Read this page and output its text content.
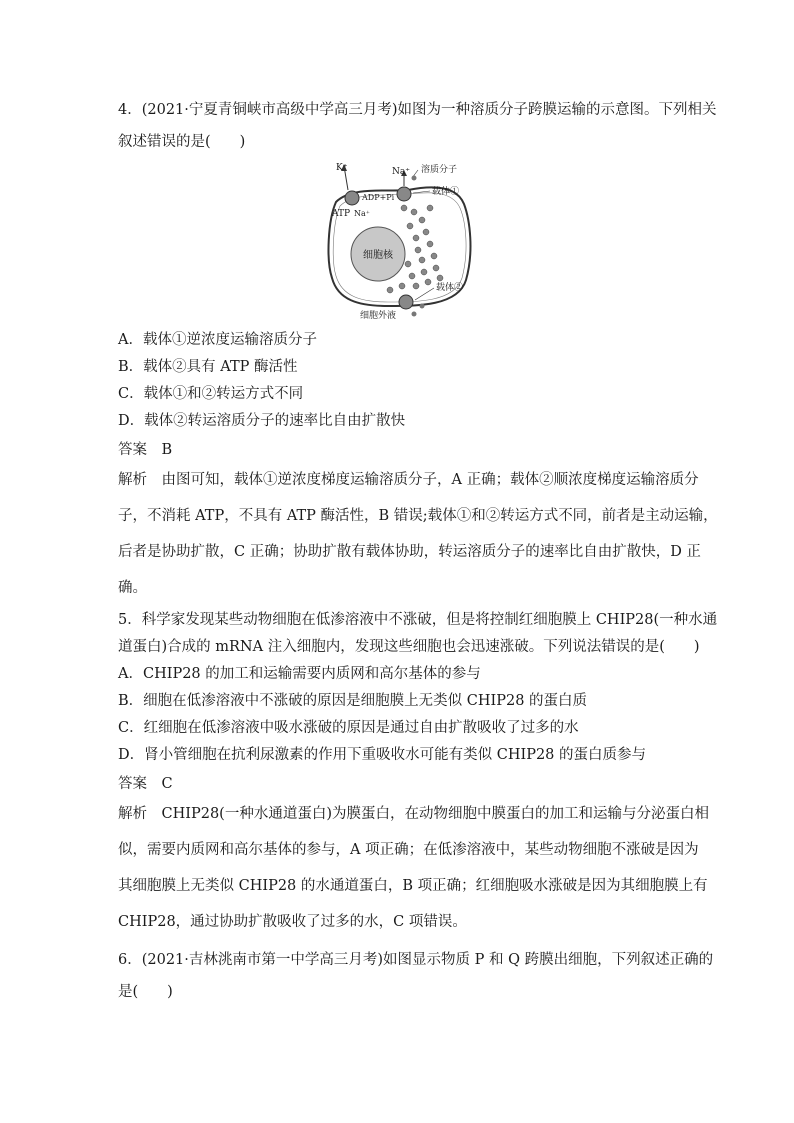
4．(2021·宁夏青铜峡市高级中学高三月考)如图为一种溶质分子跨膜运输的示意图。下列相关
叙述错误的是(　　)
细胞核
K⁺
Na⁺
ATP
ADP+Pi
Na⁺ 溶质分子
载体①
载体②
细胞外液
A．载体①逆浓度运输溶质分子
B．载体②具有 ATP 酶活性
C．载体①和②转运方式不同
D．载体②转运溶质分子的速率比自由扩散快
答案　B
解析　由图可知，载体①逆浓度梯度运输溶质分子，A 正确；载体②顺浓度梯度运输溶质分
子，不消耗 ATP，不具有 ATP 酶活性，B 错误;载体①和②转运方式不同，前者是主动运输，
后者是协助扩散，C 正确；协助扩散有载体协助，转运溶质分子的速率比自由扩散快，D 正
确。
5．科学家发现某些动物细胞在低渗溶液中不涨破，但是将控制红细胞膜上 CHIP28(一种水通
道蛋白)合成的 mRNA 注入细胞内，发现这些细胞也会迅速涨破。下列说法错误的是(　　)
A．CHIP28 的加工和运输需要内质网和高尔基体的参与
B．细胞在低渗溶液中不涨破的原因是细胞膜上无类似 CHIP28 的蛋白质
C．红细胞在低渗溶液中吸水涨破的原因是通过自由扩散吸收了过多的水
D．肾小管细胞在抗利尿激素的作用下重吸收水可能有类似 CHIP28 的蛋白质参与
答案　C
解析　CHIP28(一种水通道蛋白)为膜蛋白，在动物细胞中膜蛋白的加工和运输与分泌蛋白相
似，需要内质网和高尔基体的参与，A 项正确；在低渗溶液中，某些动物细胞不涨破是因为
其细胞膜上无类似 CHIP28 的水通道蛋白，B 项正确；红细胞吸水涨破是因为其细胞膜上有
CHIP28，通过协助扩散吸收了过多的水，C 项错误。
6．(2021·吉林洮南市第一中学高三月考)如图显示物质 P 和 Q 跨膜出细胞，下列叙述正确的
是(　　)
